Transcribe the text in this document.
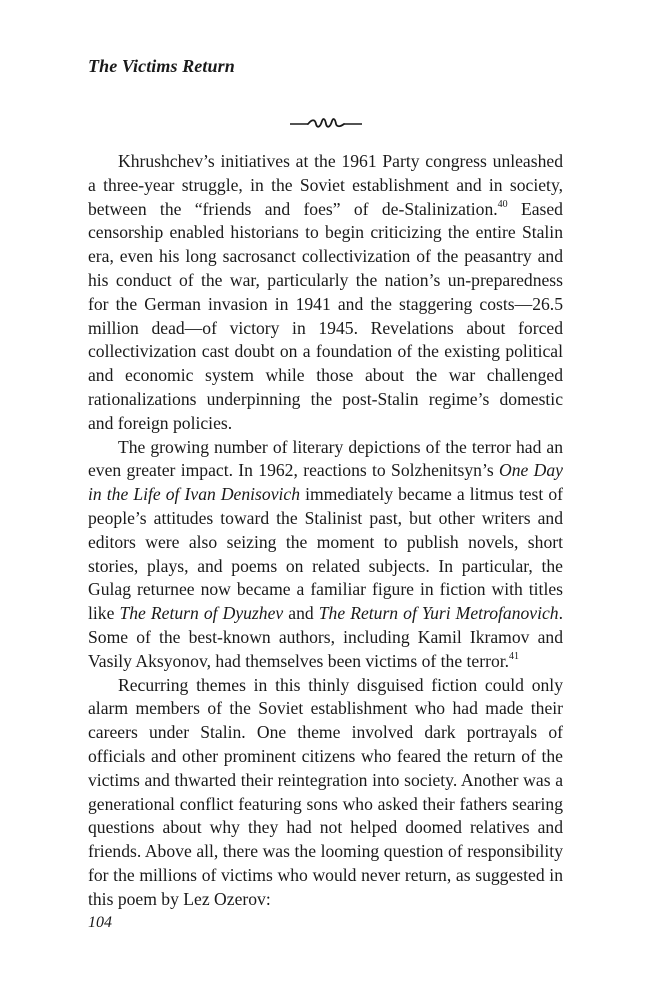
The Victims Return

Khrushchev’s initiatives at the 1961 Party congress unleashed a three-year struggle, in the Soviet establishment and in society, between the “friends and foes” of de-Stalinization.$^{40}$ Eased censorship enabled historians to begin criticizing the entire Stalin era, even his long sacrosanct collectivization of the peasantry and his conduct of the war, particularly the nation’s un-preparedness for the German invasion in 1941 and the staggering costs—26.5 million dead—of victory in 1945. Revelations about forced collectivization cast doubt on a foundation of the existing political and economic system while those about the war challenged rationalizations underpinning the post-Stalin regime’s domestic and foreign policies.

The growing number of literary depictions of the terror had an even greater impact. In 1962, reactions to Solzhenitsyn’s One Day in the Life of Ivan Denisovich immediately became a litmus test of people’s attitudes toward the Stalinist past, but other writers and editors were also seizing the moment to publish novels, short stories, plays, and poems on related subjects. In particular, the Gulag returnee now became a familiar figure in fiction with titles like The Return of Dyuzhev and The Return of Yuri Metrofanovich. Some of the best-known authors, including Kamil Ikramov and Vasily Aksyonov, had themselves been victims of the terror.$^{41}$

Recurring themes in this thinly disguised fiction could only alarm members of the Soviet establishment who had made their careers under Stalin. One theme involved dark portrayals of officials and other prominent citizens who feared the return of the victims and thwarted their reintegration into society. Another was a generational conflict featuring sons who asked their fathers searing questions about why they had not helped doomed relatives and friends. Above all, there was the looming question of responsibility for the millions of victims who would never return, as suggested in this poem by Lez Ozerov:

104
